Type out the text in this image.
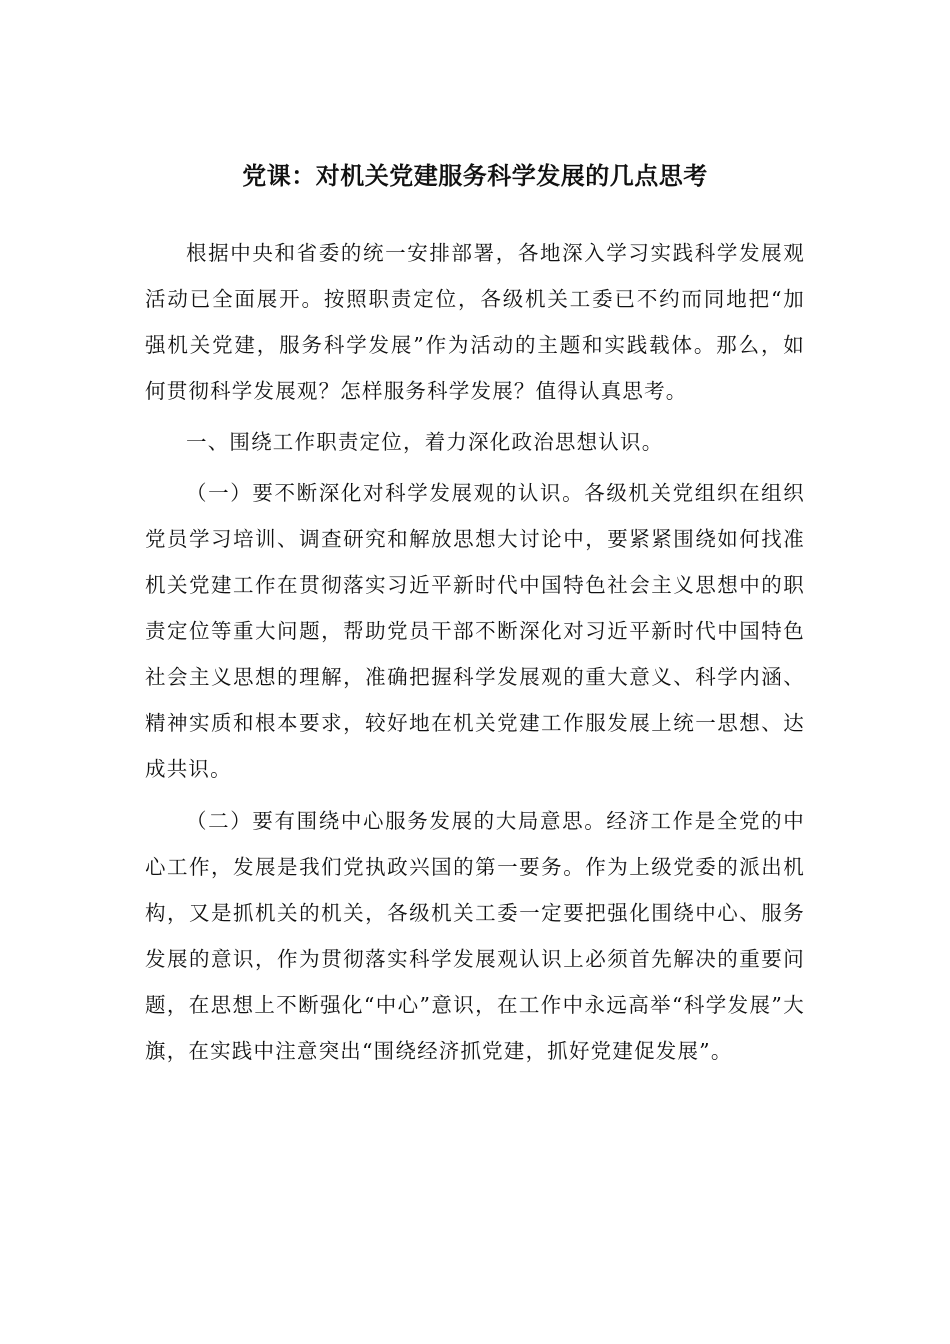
党课：对机关党建服务科学发展的几点思考

根据中央和省委的统一安排部署，各地深入学习实践科学发展观活动已全面展开。按照职责定位，各级机关工委已不约而同地把“加强机关党建，服务科学发展”作为活动的主题和实践载体。那么，如何贯彻科学发展观？怎样服务科学发展？值得认真思考。

一、围绕工作职责定位，着力深化政治思想认识。

（一）要不断深化对科学发展观的认识。各级机关党组织在组织党员学习培训、调查研究和解放思想大讨论中，要紧紧围绕如何找准机关党建工作在贯彻落实习近平新时代中国特色社会主义思想中的职责定位等重大问题，帮助党员干部不断深化对习近平新时代中国特色社会主义思想的理解，准确把握科学发展观的重大意义、科学内涵、精神实质和根本要求，较好地在机关党建工作服发展上统一思想、达成共识。

（二）要有围绕中心服务发展的大局意思。经济工作是全党的中心工作，发展是我们党执政兴国的第一要务。作为上级党委的派出机构，又是抓机关的机关，各级机关工委一定要把强化围绕中心、服务发展的意识，作为贯彻落实科学发展观认识上必须首先解决的重要问题，在思想上不断强化“中心”意识，在工作中永远高举“科学发展”大旗，在实践中注意突出“围绕经济抓党建，抓好党建促发展”。
